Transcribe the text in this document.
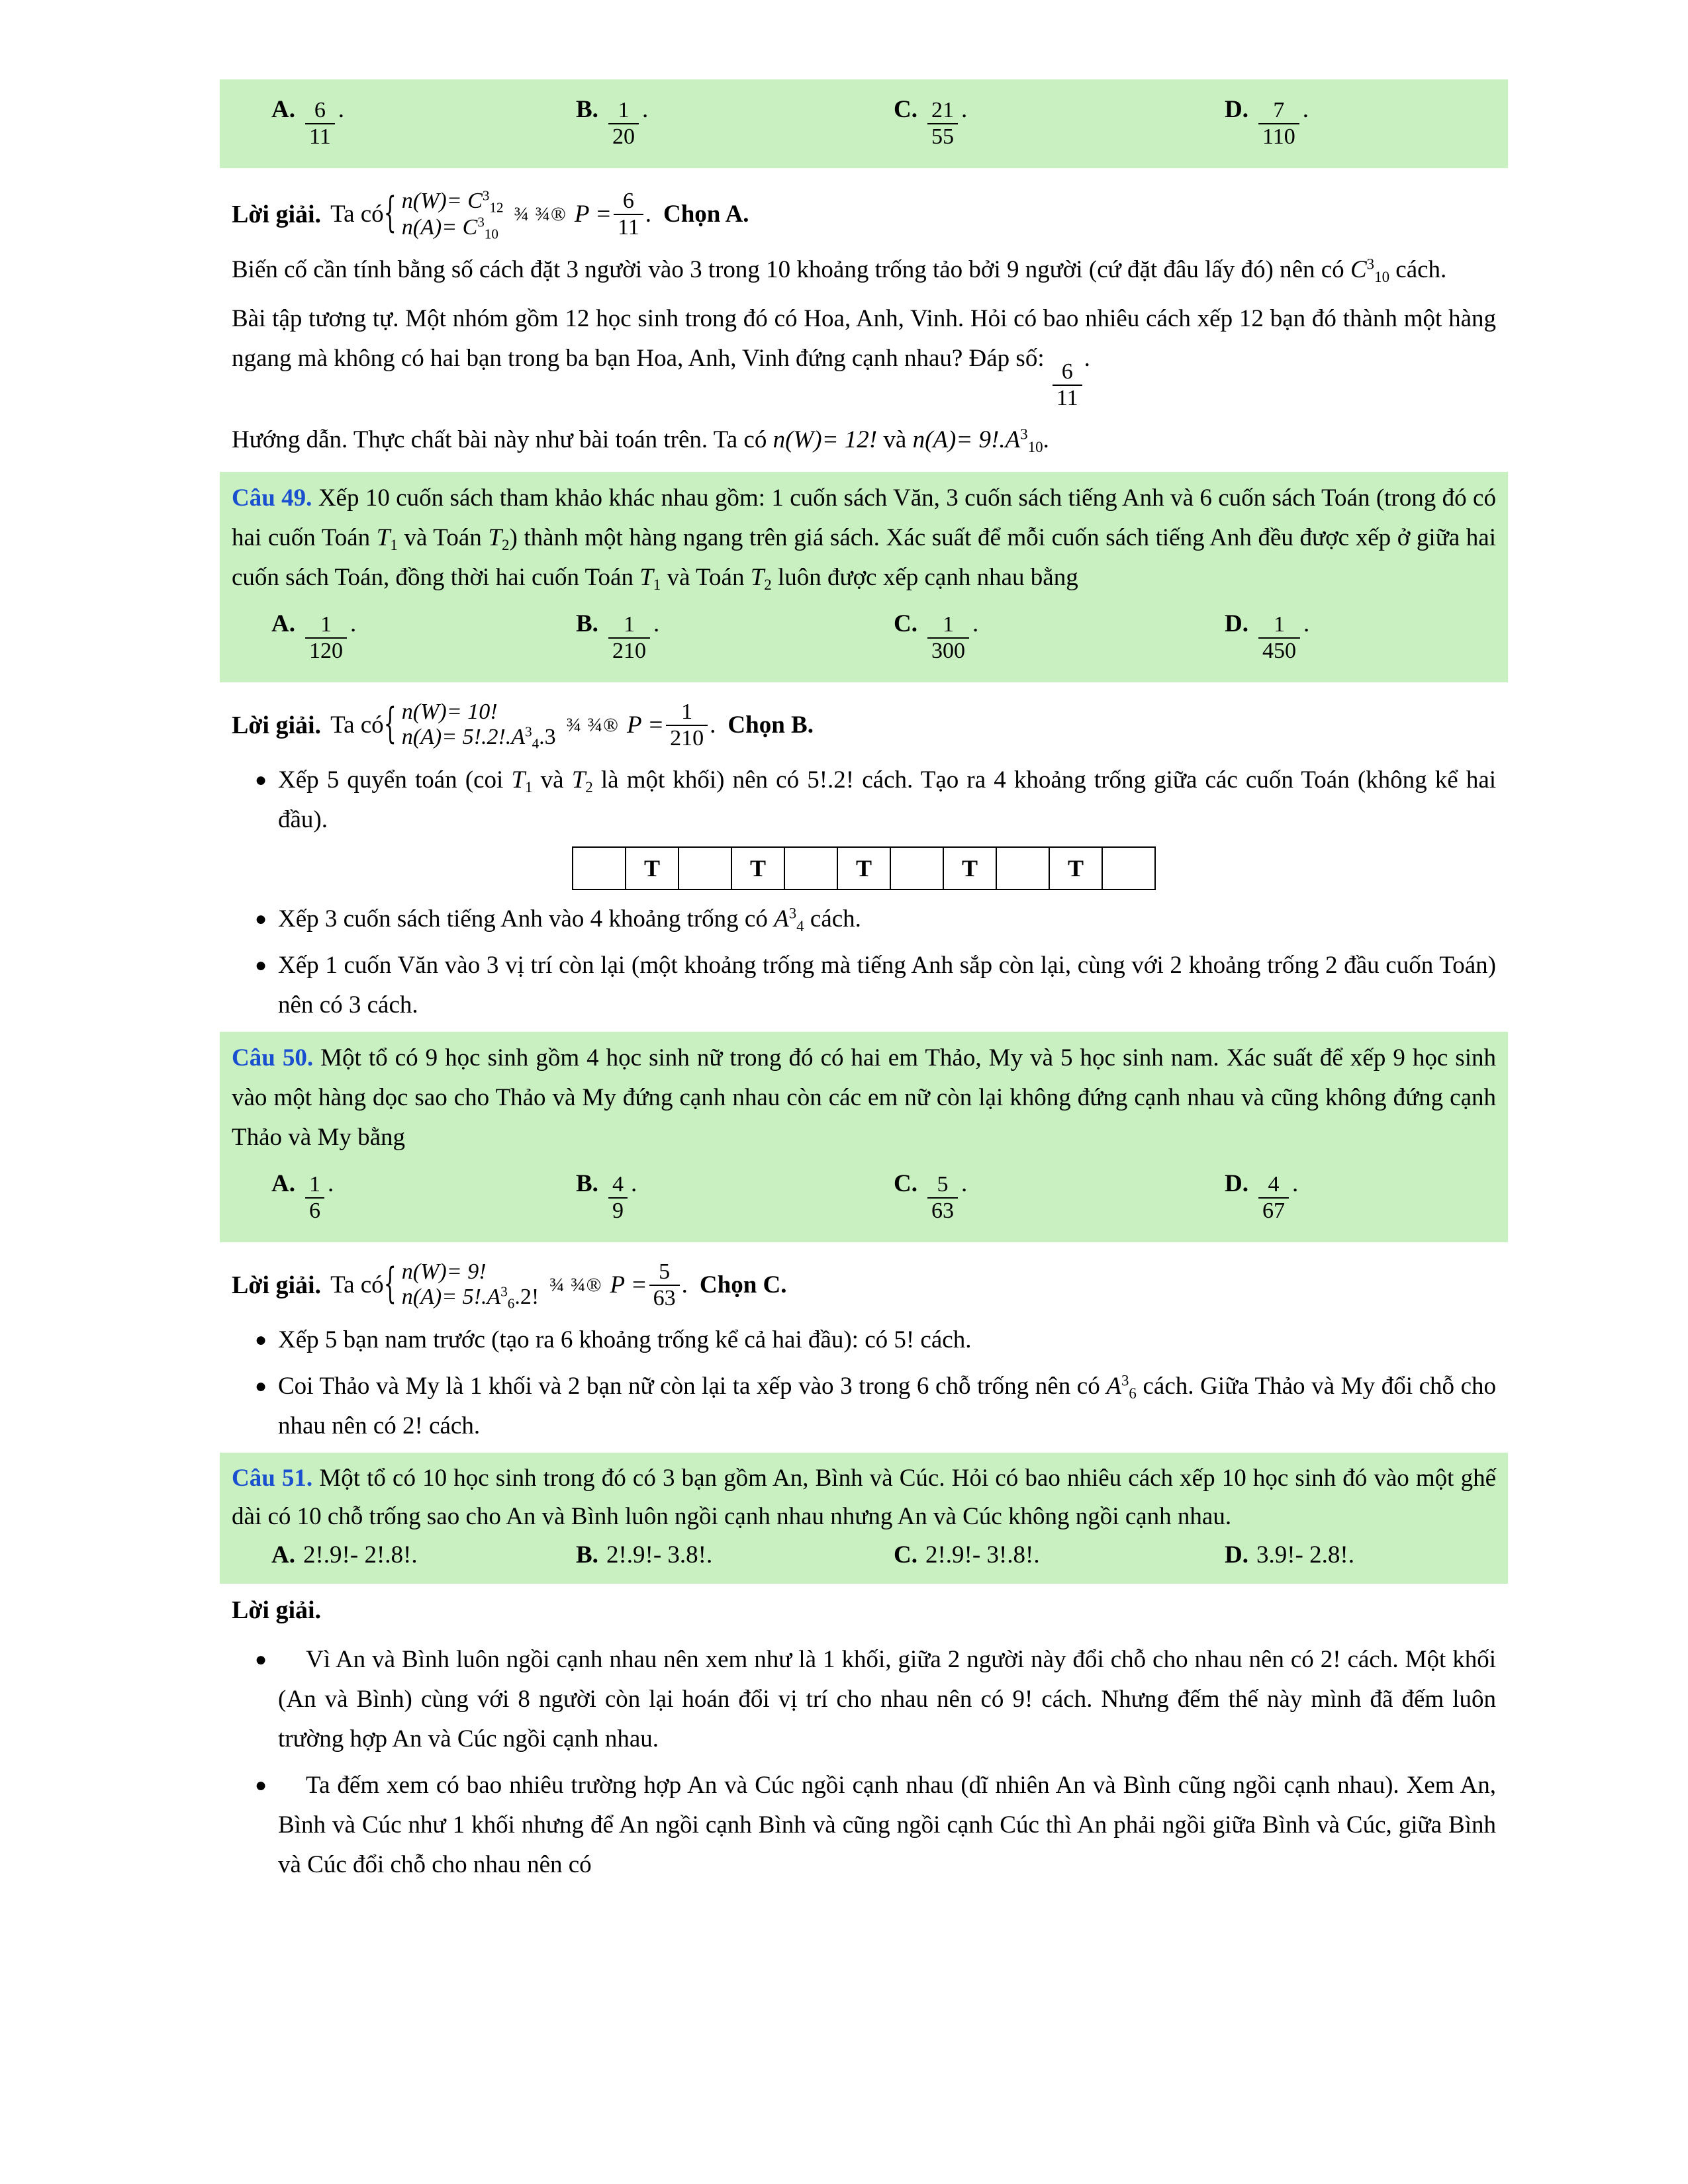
A. $\frac{6}{11}$ .	B. $\frac{1}{20}$ .	C. $\frac{21}{55}$ .	D. $\frac{7}{110}$ .
Lời giải. Ta có { $n(W)= C^3_{12}$
$n(A)= C^3_{10}$
¾ ¾® $P = \frac{6}{11}$ . Chọn A.

Biến cố cần tính bằng số cách đặt 3 người vào 3 trong 10 khoảng trống tảo bởi 9 người (cứ đặt đâu lấy đó) nên có $C^3_{10}$ cách.

Bài tập tương tự. Một nhóm gồm 12 học sinh trong đó có Hoa, Anh, Vinh. Hỏi có bao nhiêu cách xếp 12 bạn đó thành một hàng ngang mà không có hai bạn trong ba bạn Hoa, Anh, Vinh đứng cạnh nhau? Đáp số:
$\frac{6}{11}$
.

Hướng dẫn. Thực chất bài này như bài toán trên. Ta có n(W)= 12! và $n(A)= 9!.A^3_{10}$.

Câu 49. Xếp 10 cuốn sách tham khảo khác nhau gồm: 1 cuốn sách Văn, 3 cuốn sách tiếng Anh và 6 cuốn sách Toán (trong đó có hai cuốn Toán $T_1$ và Toán $T_2$) thành một hàng ngang trên giá sách. Xác suất để mỗi cuốn sách tiếng Anh đều được xếp ở giữa hai cuốn sách Toán, đồng thời hai cuốn Toán $T_1$ và Toán $T_2$ luôn được xếp cạnh nhau bằng

A. $\frac{1}{120}$ .	B. $\frac{1}{210}$ .	C. $\frac{1}{300}$ .	D. $\frac{1}{450}$ .
Lời giải. Ta có { n(W)= 10!
$n(A)= 5!.2!.A^3_4.3$ ¾ ¾® $P = \frac{1}{210}$ . Chọn B.
● Xếp 5 quyển toán (coi $T_1$ và $T_2$ là một khối) nên có 5!.2! cách. Tạo ra 4 khoảng trống giữa các cuốn Toán (không kể hai đầu).
T	T	T	T	T
● Xếp 3 cuốn sách tiếng Anh vào 4 khoảng trống có $A^3_4$ cách.
● Xếp 1 cuốn Văn vào 3 vị trí còn lại (một khoảng trống mà tiếng Anh sắp còn lại, cùng với 2 khoảng trống 2 đầu cuốn Toán) nên có 3 cách.

Câu 50. Một tổ có 9 học sinh gồm 4 học sinh nữ trong đó có hai em Thảo, My và 5 học sinh nam. Xác suất để xếp 9 học sinh vào một hàng dọc sao cho Thảo và My đứng cạnh nhau còn các em nữ còn lại không đứng cạnh nhau và cũng không đứng cạnh Thảo và My bằng

A. $\frac{1}{6}$ .	B. $\frac{4}{9}$ .	C. $\frac{5}{63}$ .	D. $\frac{4}{67}$ .
Lời giải. Ta có { n(W)= 9!
$n(A)= 5!.A^3_6.2$! ¾ ¾® $P = \frac{5}{63}$ . Chọn C.
● Xếp 5 bạn nam trước (tạo ra 6 khoảng trống kể cả hai đầu): có 5! cách.
● Coi Thảo và My là 1 khối và 2 bạn nữ còn lại ta xếp vào 3 trong 6 chỗ trống nên có $A^3_6$ cách. Giữa Thảo và My đổi chỗ cho nhau nên có 2! cách.

Câu 51. Một tổ có 10 học sinh trong đó có 3 bạn gồm An, Bình và Cúc. Hỏi có bao nhiêu cách xếp 10 học sinh đó vào một ghế dài có 10 chỗ trống sao cho An và Bình luôn ngồi cạnh nhau nhưng An và Cúc không ngồi cạnh nhau.

A. 2!.9!- 2!.8!.	B. 2!.9!- 3.8!.	C. 2!.9!- 3!.8!.	D. 3.9!- 2.8!.

Lời giải.

●	Vì An và Bình luôn ngồi cạnh nhau nên xem như là 1 khối, giữa 2 người này đổi chỗ cho nhau nên có 2! cách. Một khối (An và Bình) cùng với 8 người còn lại hoán đổi vị trí cho nhau nên có 9! cách. Nhưng đếm thế này mình đã đếm luôn trường hợp An và Cúc ngồi cạnh nhau.
●	Ta đếm xem có bao nhiêu trường hợp An và Cúc ngồi cạnh nhau (dĩ nhiên An và Bình cũng ngồi cạnh nhau). Xem An, Bình và Cúc như 1 khối nhưng để An ngồi cạnh Bình và cũng ngồi cạnh Cúc thì An phải ngồi giữa Bình và Cúc, giữa Bình và Cúc đổi chỗ cho nhau nên có
